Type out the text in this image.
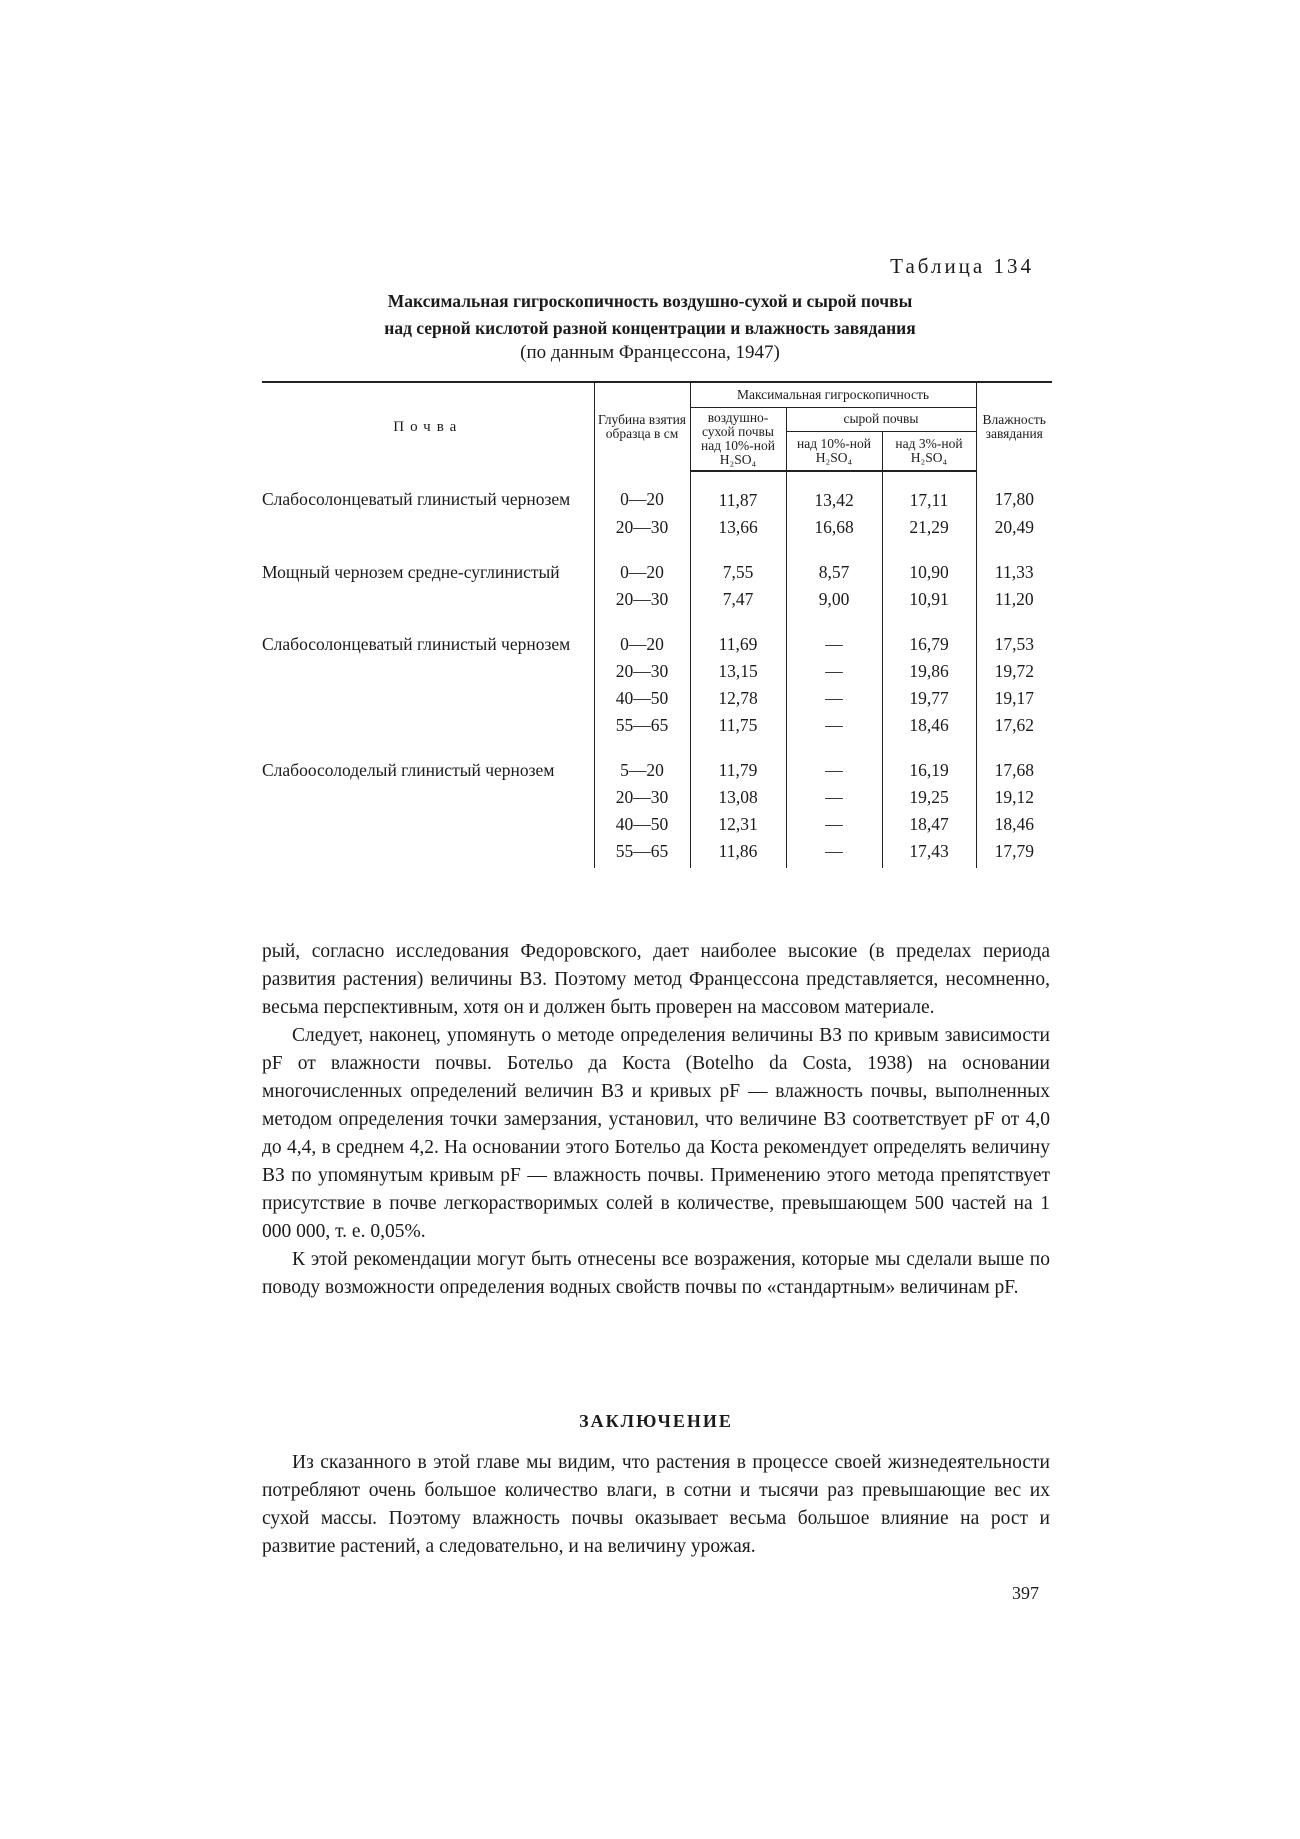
Таблица 134
Максимальная гигроскопичность воздушно-сухой и сырой почвы
над серной кислотой разной концентрации и влажность завядания
(по данным Францессона, 1947)
Почва	Глубина взятия образца в см	Максимальная гигроскопичность			Влажность завядания
		воздушно-сухой почвы над 10%-ной H₂SO₄	сырой почвы		
			над 10%-ной H₂SO₄	над 3%-ной H₂SO₄	
Слабосолонцеватый глинистый чернозем	0—20	11,87	13,42	17,11	17,80
	20—30	13,66	16,68	21,29	20,49
Мощный чернозем средне-суглинистый	0—20	7,55	8,57	10,90	11,33
	20—30	7,47	9,00	10,91	11,20
Слабосолонцеватый глинистый чернозем	0—20	11,69	—	16,79	17,53
	20—30	13,15	—	19,86	19,72
	40—50	12,78	—	19,77	19,17
	55—65	11,75	—	18,46	17,62
Слабоосолоделый глинистый чернозем	5—20	11,79	—	16,19	17,68
	20—30	13,08	—	19,25	19,12
	40—50	12,31	—	18,47	18,46
	55—65	11,86	—	17,43	17,79

рый, согласно исследования Федоровского, дает наиболее высокие (в пределах периода развития растения) величины ВЗ. Поэтому метод Францессона представляется, несомненно, весьма перспективным, хотя он и должен быть проверен на массовом материале.

Следует, наконец, упомянуть о методе определения величины ВЗ по кривым зависимости pF от влажности почвы. Ботельо да Коста (Botelho da Costa, 1938) на основании многочисленных определений величин ВЗ и кривых pF — влажность почвы, выполненных методом определения точки замерзания, установил, что величине ВЗ соответствует pF от 4,0 до 4,4, в среднем 4,2. На основании этого Ботельо да Коста рекомендует определять величину ВЗ по упомянутым кривым pF — влажность почвы. Применению этого метода препятствует присутствие в почве легкорастворимых солей в количестве, превышающем 500 частей на 1 000 000, т. е. 0,05%.

К этой рекомендации могут быть отнесены все возражения, которые мы сделали выше по поводу возможности определения водных свойств почвы по «стандартным» величинам pF.

ЗАКЛЮЧЕНИЕ

Из сказанного в этой главе мы видим, что растения в процессе своей жизнедеятельности потребляют очень большое количество влаги, в сотни и тысячи раз превышающие вес их сухой массы. Поэтому влажность почвы оказывает весьма большое влияние на рост и развитие растений, а следовательно, и на величину урожая.

397
